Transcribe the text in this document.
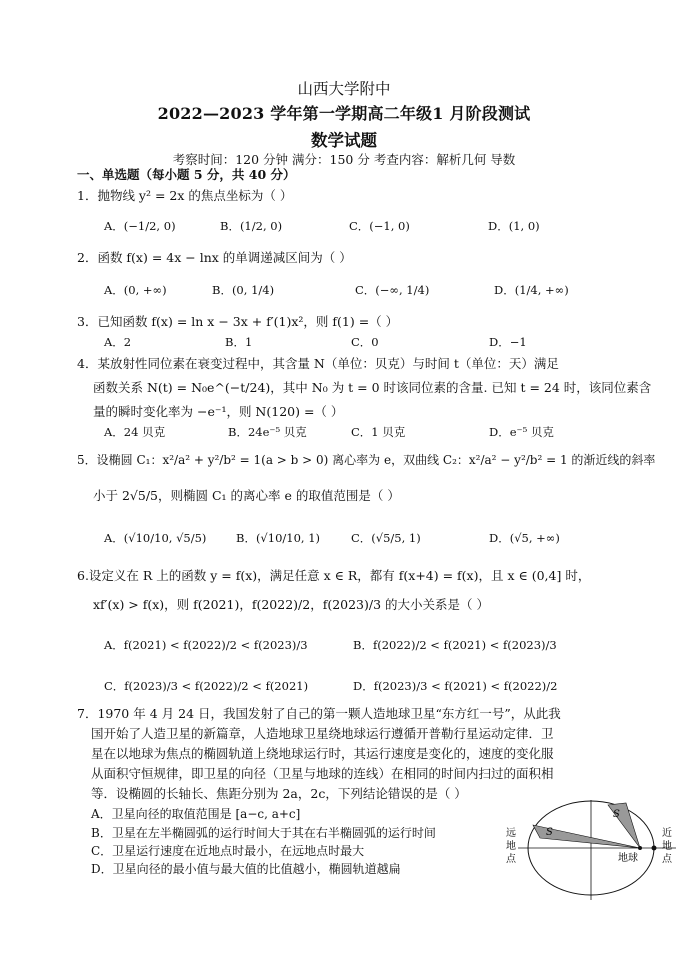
山西大学附中
2022—2023 学年第一学期高二年级1 月阶段测试
数学试题
考察时间：120 分钟 满分：150 分 考查内容：解析几何 导数
一、单选题（每小题 5 分，共 40 分）
1．抛物线 y² = 2x 的焦点坐标为（ ）
A．(−1/2, 0)	B．(1/2, 0)	C．(−1, 0)	D．(1, 0)
2．函数 f(x) = 4x − lnx 的单调递减区间为（ ）
A．(0, +∞)	B．(0, 1/4)	C．(−∞, 1/4)	D．(1/4, +∞)
3．已知函数 f(x) = ln x − 3x + f′(1)x²，则 f(1) =（ ）
A．2	B．1	C．0	D．−1
4．某放射性同位素在衰变过程中，其含量 N（单位：贝克）与时间 t（单位：天）满足
函数关系 N(t) = N₀e^(−t/24)，其中 N₀ 为 t = 0 时该同位素的含量. 已知 t = 24 时，该同位素含
量的瞬时变化率为 −e⁻¹，则 N(120) =（ ）
A．24 贝克	B．24e⁻⁵ 贝克	C．1 贝克	D．e⁻⁵ 贝克
5．设椭圆 C₁：x²/a² + y²/b² = 1(a > b > 0) 离心率为 e，双曲线 C₂：x²/a² − y²/b² = 1 的渐近线的斜率
小于 2√5/5，则椭圆 C₁ 的离心率 e 的取值范围是（ ）
A．(√10/10, √5/5)	B．(√10/10, 1)	C．(√5/5, 1)	D．(√5, +∞)
6.设定义在 R 上的函数 y = f(x)，满足任意 x ∈ R，都有 f(x+4) = f(x)，且 x ∈ (0,4] 时，
xf′(x) > f(x)，则 f(2021)，f(2022)/2，f(2023)/3 的大小关系是（ ）
A．f(2021) < f(2022)/2 < f(2023)/3	B．f(2022)/2 < f(2021) < f(2023)/3
C．f(2023)/3 < f(2022)/2 < f(2021)	D．f(2023)/3 < f(2021) < f(2022)/2
7．1970 年 4 月 24 日，我国发射了自己的第一颗人造地球卫星“东方红一号”，从此我
国开始了人造卫星的新篇章，人造地球卫星绕地球运行遵循开普勒行星运动定律．卫
星在以地球为焦点的椭圆轨道上绕地球运行时，其运行速度是变化的，速度的变化服
从面积守恒规律，即卫星的向径（卫星与地球的连线）在相同的时间内扫过的面积相
等．设椭圆的长轴长、焦距分别为 2a，2c，下列结论错误的是（ ）
A．卫星向径的取值范围是 [a−c, a+c]
B．卫星在左半椭圆弧的运行时间大于其在右半椭圆弧的运行时间
C．卫星运行速度在近地点时最小，在远地点时最大
D．卫星向径的最小值与最大值的比值越小，椭圆轨道越扁
S
S
地球
远
地
点
近
地
点
